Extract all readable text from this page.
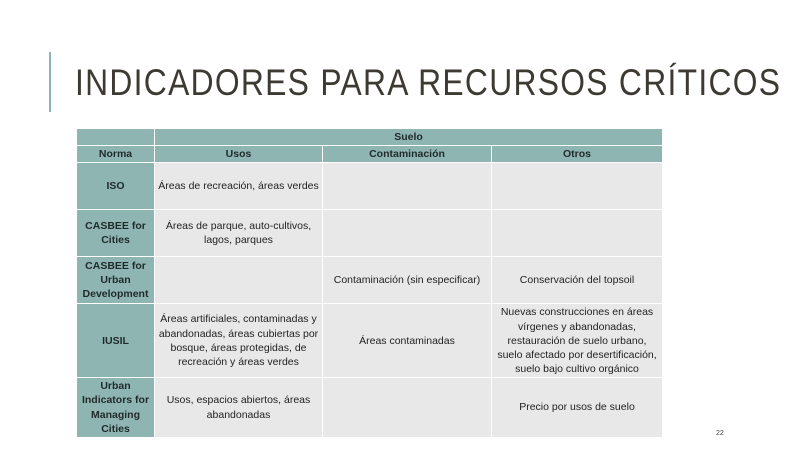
INDICADORES PARA RECURSOS CRÍTICOS
	Suelo		
Norma	Usos	Contaminación	Otros
ISO	Áreas de recreación, áreas verdes		
CASBEE for Cities	Áreas de parque, auto-cultivos, lagos, parques		
CASBEE for Urban Development		Contaminación (sin especificar)	Conservación del topsoil
IUSIL	Áreas artificiales, contaminadas y abandonadas, áreas cubiertas por bosque, áreas protegidas, de recreación y áreas verdes	Áreas contaminadas	Nuevas construcciones en áreas vírgenes y abandonadas, restauración de suelo urbano, suelo afectado por desertificación, suelo bajo cultivo orgánico
Urban Indicators for Managing Cities	Usos, espacios abiertos, áreas abandonadas		Precio por usos de suelo
22
